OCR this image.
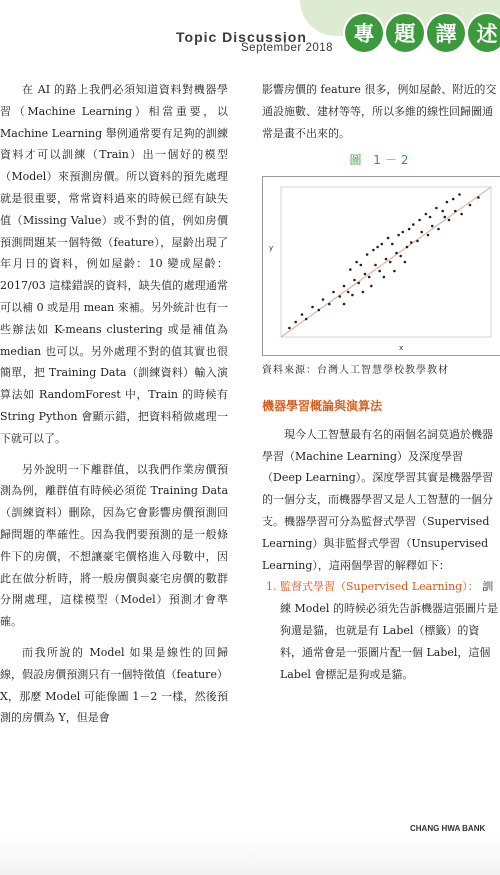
Topic Discussion
September 2018
專 題 譯 述

在 AI 的路上我們必須知道資料對機器學習（Machine Learning）相當重要，以 Machine Learning 舉例通常要有足夠的訓練資料才可以訓練（Train）出一個好的模型（Model）來預測房價。所以資料的預先處理就是很重要，常常資料過來的時候已經有缺失值（Missing Value）或不對的值，例如房價預測問題某一個特徵（feature），屋齡出現了年月日的資料，例如屋齡：10 變成屋齡：2017/03 這樣錯誤的資料，缺失值的處理通常可以補 0 或是用 mean 來補。另外統計也有一些辦法如 K-means clustering 或是補值為 median 也可以。另外處理不對的值其實也很簡單，把 Training Data（訓練資料）輸入演算法如 RandomForest 中，Train 的時候有 String Python 會顯示錯，把資料稍做處理一下就可以了。

另外說明一下離群值，以我們作業房價預測為例，離群值有時候必須從 Training Data（訓練資料）刪除，因為它會影響房價預測回歸問題的準確性。因為我們要預測的是一般條件下的房價，不想讓豪宅價格進入母數中，因此在做分析時，將一般房價與豪宅房價的數群分開處理，這樣模型（Model）預測才會準確。

而我所說的 Model 如果是線性的回歸線，假設房價預測只有一個特徵值（feature）X，那麼 Model 可能像圖 1－2 一樣，然後預測的房價為 Y，但是會

影響房價的 feature 很多，例如屋齡、附近的交通設施數、建材等等，所以多維的線性回歸圖通常是畫不出來的。

圖 1－2
x
y
資料來源：台灣人工智慧學校教學教材
機器學習概論與演算法

現今人工智慧最有名的兩個名詞莫過於機器學習（Machine Learning）及深度學習（Deep Learning）。深度學習其實是機器學習的一個分支，而機器學習又是人工智慧的一個分支。機器學習可分為監督式學習（Supervised Learning）與非監督式學習（Unsupervised Learning），這兩個學習的解釋如下：

1. 監督式學習（Supervised Learning）： 訓練 Model 的時候必須先告訴機器這張圖片是狗還是貓，也就是有 Label（標籤）的資料，通常會是一張圖片配一個 Label，這個 Label 會標記是狗或是貓。

CHANG HWA BANK
